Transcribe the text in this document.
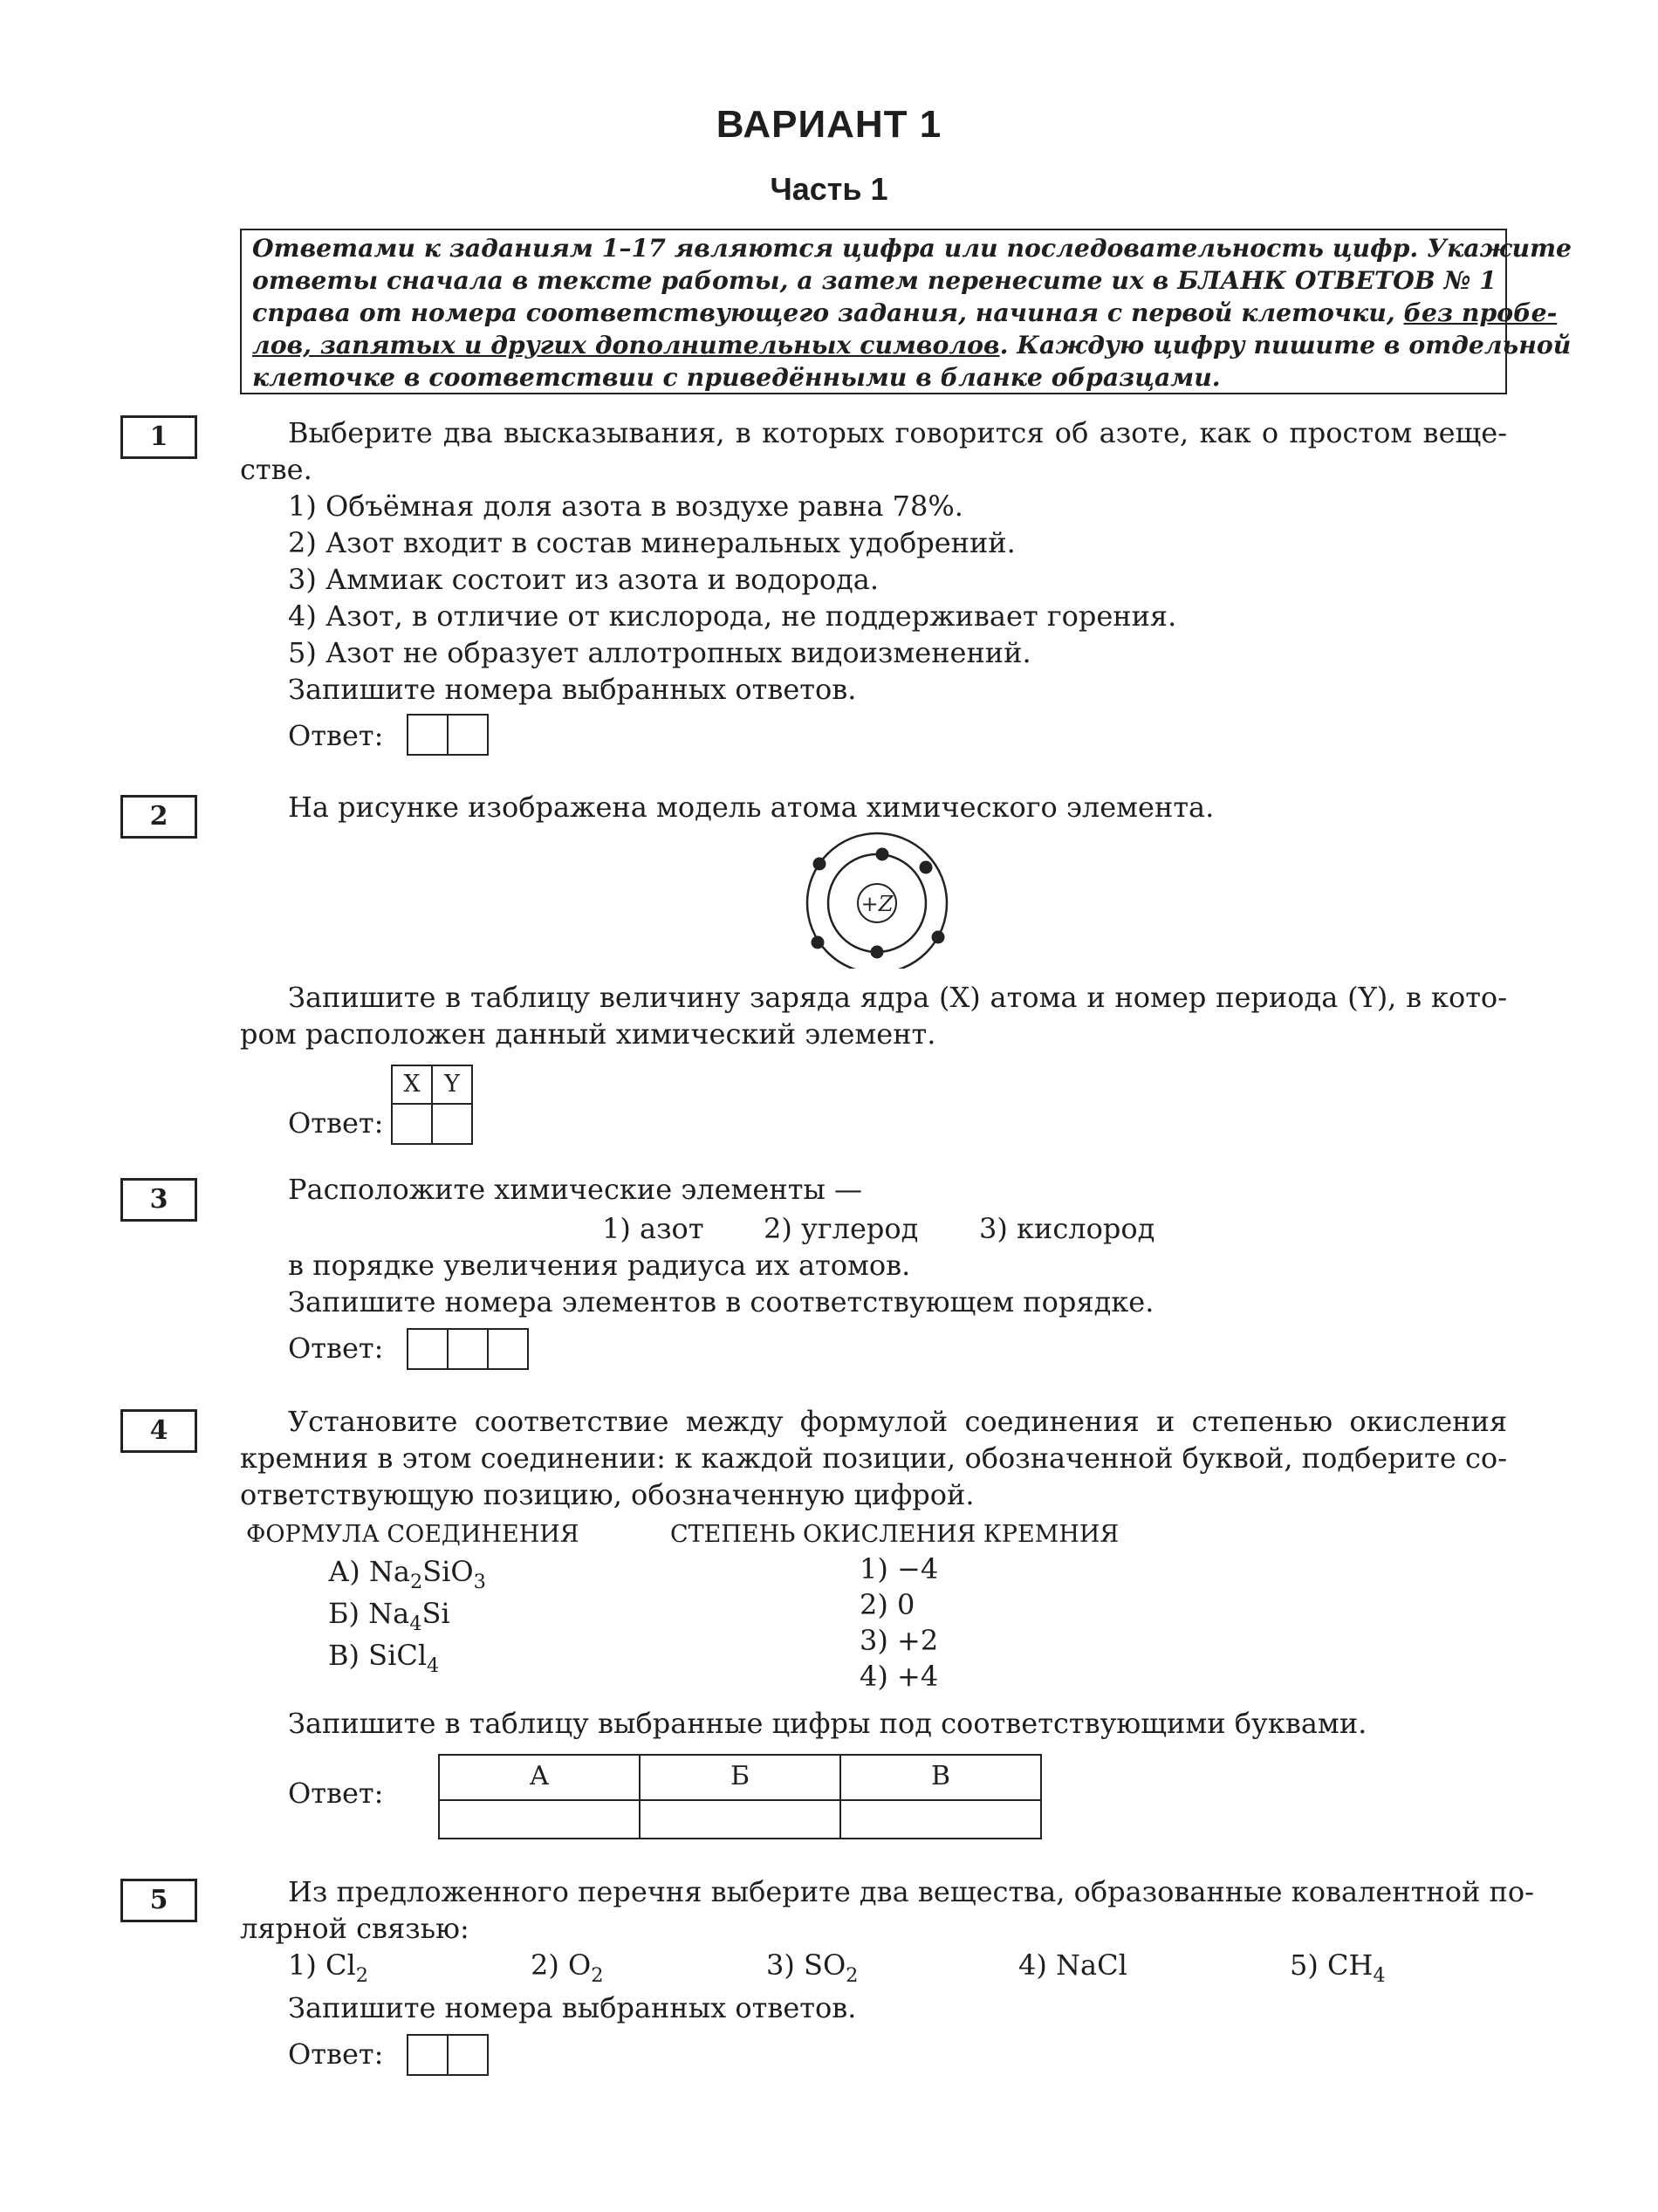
ВАРИАНТ 1
Часть 1
Ответами к заданиям 1–17 являются цифра или последовательность цифр. Укажите
ответы сначала в тексте работы, а затем перенесите их в БЛАНК ОТВЕТОВ № 1
справа от номера соответствующего задания, начиная с первой клеточки, без пробе-
лов, запятых и других дополнительных символов. Каждую цифру пишите в отдельной
клеточке в соответствии с приведёнными в бланке образцами.
1	Выберите два высказывания, в которых говорится об азоте, как о простом веще-
стве.
1) Объёмная доля азота в воздухе равна 78%.
2) Азот входит в состав минеральных удобрений.
3) Аммиак состоит из азота и водорода.
4) Азот, в отличие от кислорода, не поддерживает горения.
5) Азот не образует аллотропных видоизменений.
Запишите номера выбранных ответов.
Ответ:
2	На рисунке изображена модель атома химического элемента.
+Z
Запишите в таблицу величину заряда ядра (X) атома и номер периода (Y), в кото-
ром расположен данный химический элемент.
X	Y
Ответ:
3	Расположите химические элементы —
1) азот 2) углерод 3) кислород
в порядке увеличения радиуса их атомов.
Запишите номера элементов в соответствующем порядке.
Ответ:
4	Установите соответствие между формулой соединения и степенью окисления
кремния в этом соединении: к каждой позиции, обозначенной буквой, подберите со-
ответствующую позицию, обозначенную цифрой.
ФОРМУЛА СОЕДИНЕНИЯ	СТЕПЕНЬ ОКИСЛЕНИЯ КРЕМНИЯ
А) $Na_2SiO_3$
Б) $Na_4Si$
В) SiCl$_4$
1) −4
2) 0
3) +2
4) +4
Запишите в таблицу выбранные цифры под соответствующими буквами.
Ответ:
А	Б	В
5	Из предложенного перечня выберите два вещества, образованные ковалентной по-
лярной связью:
1) $Cl_2$	2) $O_2$	3) $SO_2$	4) NaCl	5) $CH_4$
Запишите номера выбранных ответов.
Ответ:
